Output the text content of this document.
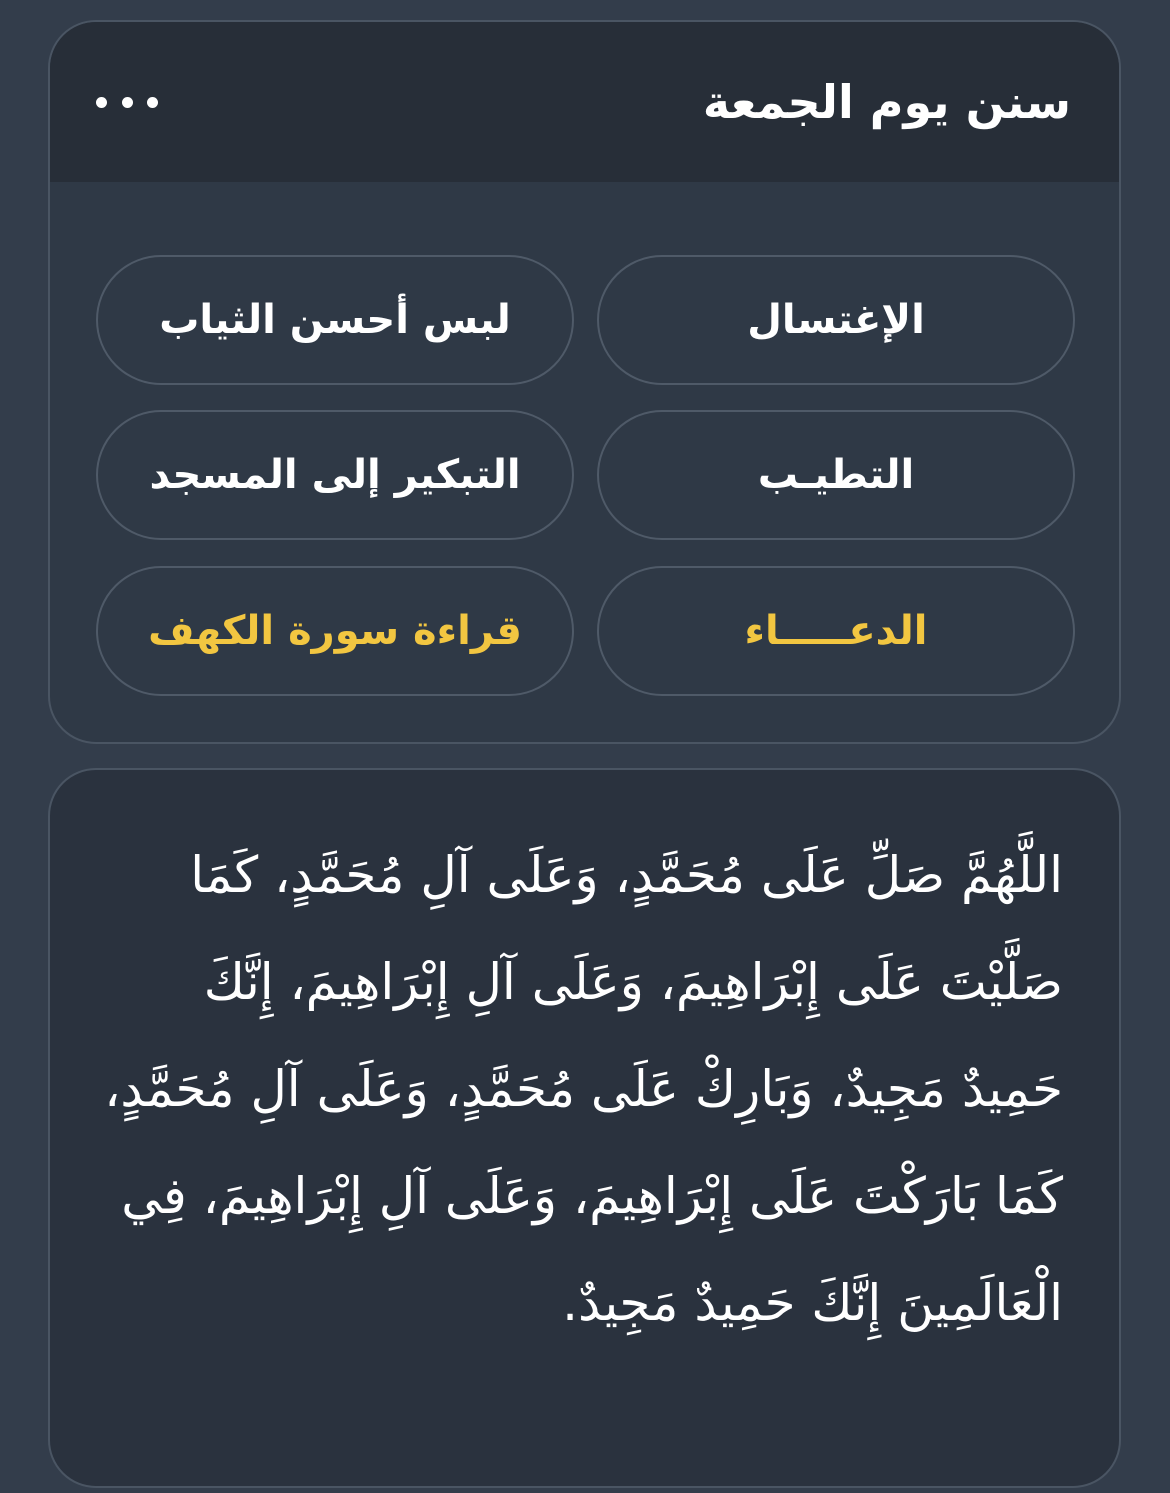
سنن يوم الجمعة
الإغتسال
لبس أحسن الثياب
التطيـب
التبكير إلى المسجد
الدعـــــاء
قراءة سورة الكهف

اللَّهُمَّ صَلِّ عَلَى مُحَمَّدٍ، وَعَلَى آلِ مُحَمَّدٍ، كَمَا صَلَّيْتَ عَلَى إِبْرَاهِيمَ، وَعَلَى آلِ إِبْرَاهِيمَ، إِنَّكَ حَمِيدٌ مَجِيدٌ، وَبَارِكْ عَلَى مُحَمَّدٍ، وَعَلَى آلِ مُحَمَّدٍ، كَمَا بَارَكْتَ عَلَى إِبْرَاهِيمَ، وَعَلَى آلِ إِبْرَاهِيمَ، فِي الْعَالَمِينَ إِنَّكَ حَمِيدٌ مَجِيدٌ.
